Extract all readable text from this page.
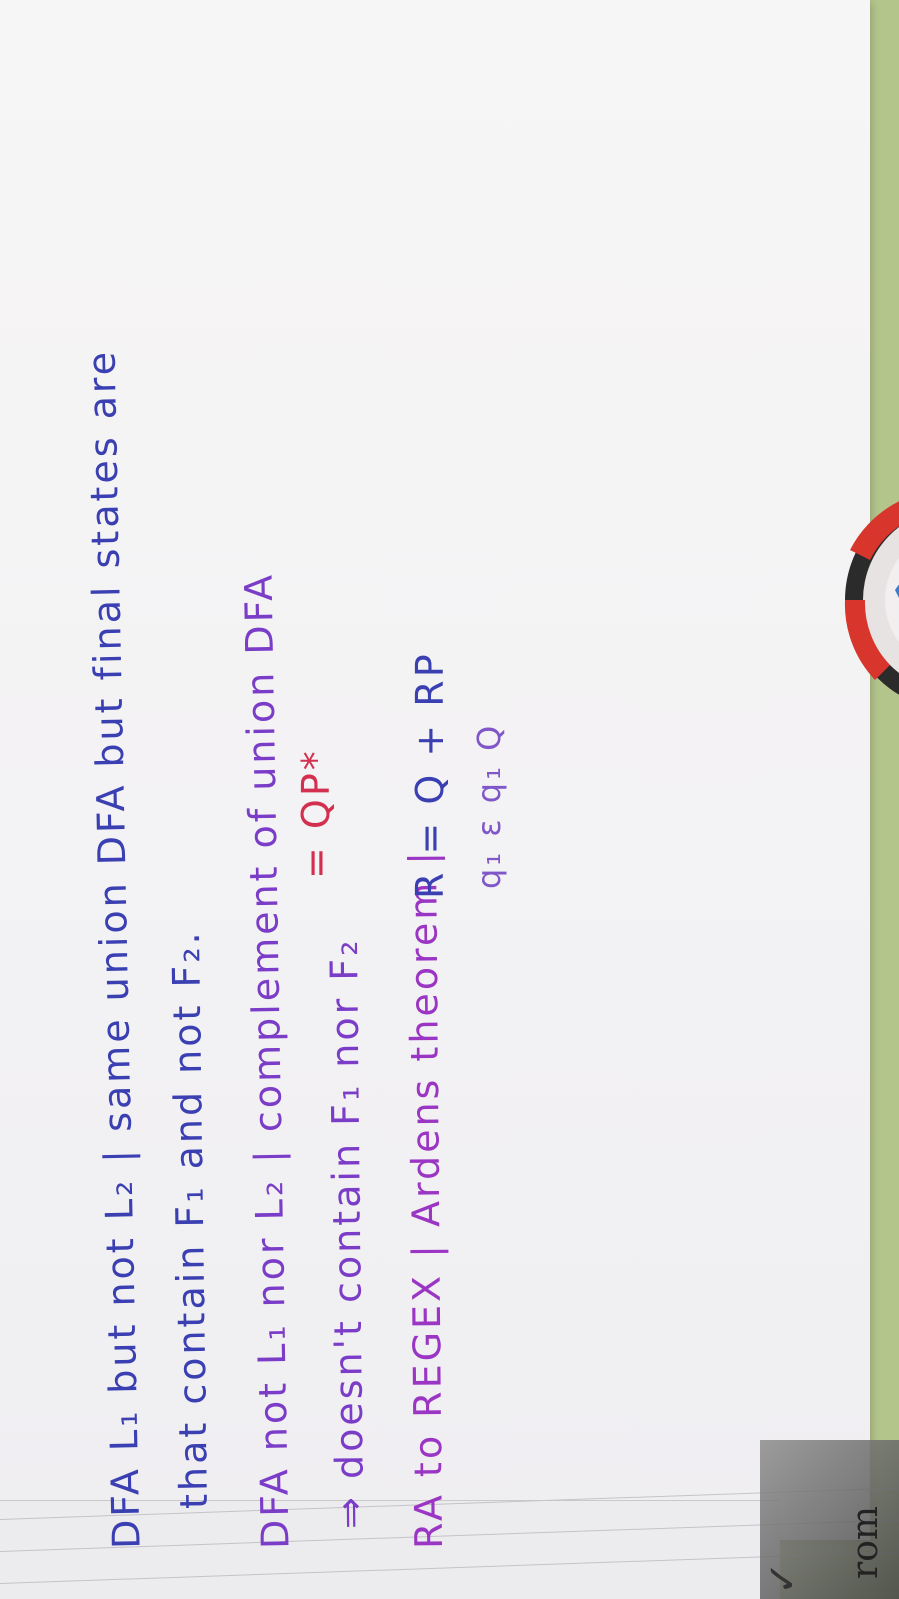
DFA L₁ but not L₂ | same union DFA but final states are that contain F₁ and not F₂. DFA not L₁ nor L₂ | complement of union DFA ⇒ doesn't contain F₁ nor F₂ RA to REGEX | Ardens theorem |
q₁ ε q₁ Q
R = Q + RP
= QP*
rom
✓
